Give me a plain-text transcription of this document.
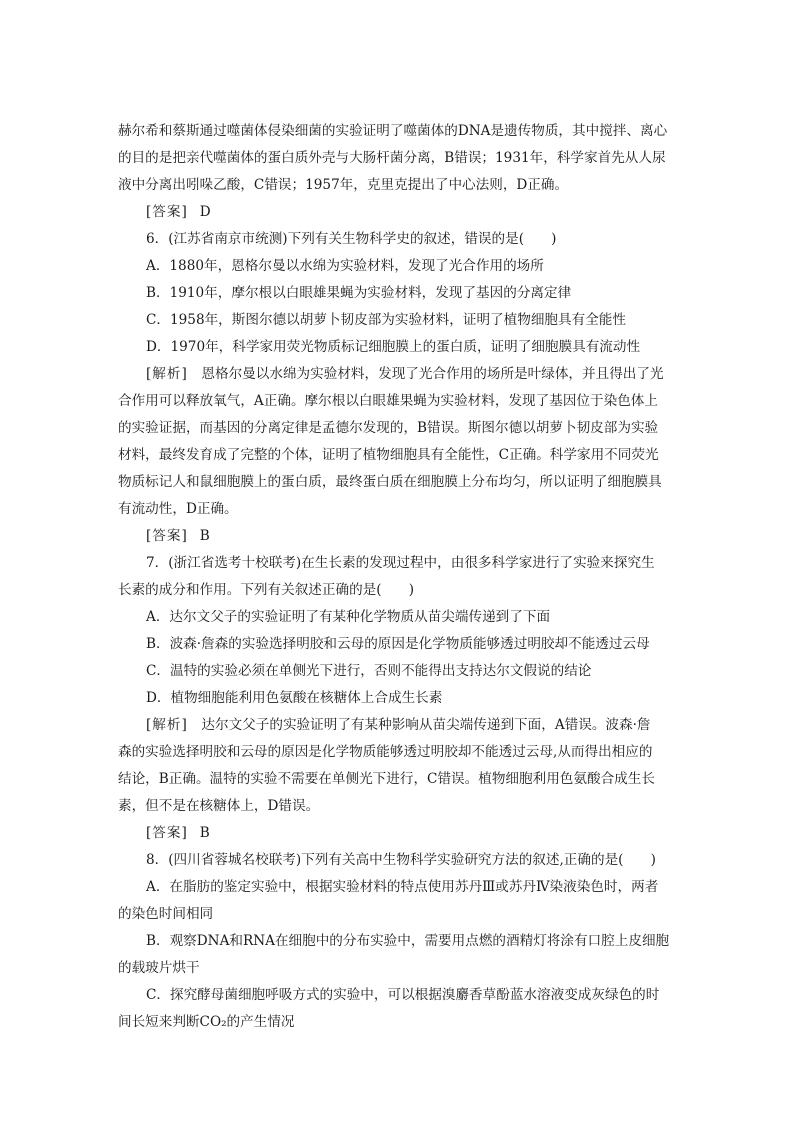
赫尔希和蔡斯通过噬菌体侵染细菌的实验证明了噬菌体的DNA是遗传物质，其中搅拌、离心
的目的是把亲代噬菌体的蛋白质外壳与大肠杆菌分离，B错误；1931年，科学家首先从人尿
液中分离出吲哚乙酸，C错误；1957年，克里克提出了中心法则，D正确。
[答案] D
6．(江苏省南京市统测)下列有关生物科学史的叙述，错误的是(　　)
A．1880年，恩格尔曼以水绵为实验材料，发现了光合作用的场所
B．1910年，摩尔根以白眼雄果蝇为实验材料，发现了基因的分离定律
C．1958年，斯图尔德以胡萝卜韧皮部为实验材料，证明了植物细胞具有全能性
D．1970年，科学家用荧光物质标记细胞膜上的蛋白质，证明了细胞膜具有流动性
[解析]　 恩格尔曼以水绵为实验材料，发现了光合作用的场所是叶绿体，并且得出了光
合作用可以释放氧气，A正确。摩尔根以白眼雄果蝇为实验材料，发现了基因位于染色体上
的实验证据，而基因的分离定律是孟德尔发现的，B错误。斯图尔德以胡萝卜韧皮部为实验
材料，最终发育成了完整的个体，证明了植物细胞具有全能性，C正确。科学家用不同荧光
物质标记人和鼠细胞膜上的蛋白质，最终蛋白质在细胞膜上分布均匀，所以证明了细胞膜具
有流动性，D正确。
[答案] B
7．(浙江省选考十校联考)在生长素的发现过程中，由很多科学家进行了实验来探究生
长素的成分和作用。下列有关叙述正确的是(　　)
A．达尔文父子的实验证明了有某种化学物质从苗尖端传递到了下面
B．波森·詹森的实验选择明胶和云母的原因是化学物质能够透过明胶却不能透过云母
C．温特的实验必须在单侧光下进行，否则不能得出支持达尔文假说的结论
D．植物细胞能利用色氨酸在核糖体上合成生长素
[解析]　 达尔文父子的实验证明了有某种影响从苗尖端传递到下面，A错误。波森·詹
森的实验选择明胶和云母的原因是化学物质能够透过明胶却不能透过云母,从而得出相应的
结论，B正确。温特的实验不需要在单侧光下进行，C错误。植物细胞利用色氨酸合成生长
素，但不是在核糖体上，D错误。
[答案] B
8．(四川省蓉城名校联考)下列有关高中生物科学实验研究方法的叙述,正确的是(　　)
A．在脂肪的鉴定实验中，根据实验材料的特点使用苏丹Ⅲ或苏丹Ⅳ染液染色时，两者
的染色时间相同
B．观察DNA和RNA在细胞中的分布实验中，需要用点燃的酒精灯将涂有口腔上皮细胞
的载玻片烘干
C．探究酵母菌细胞呼吸方式的实验中，可以根据溴麝香草酚蓝水溶液变成灰绿色的时
间长短来判断CO₂的产生情况
